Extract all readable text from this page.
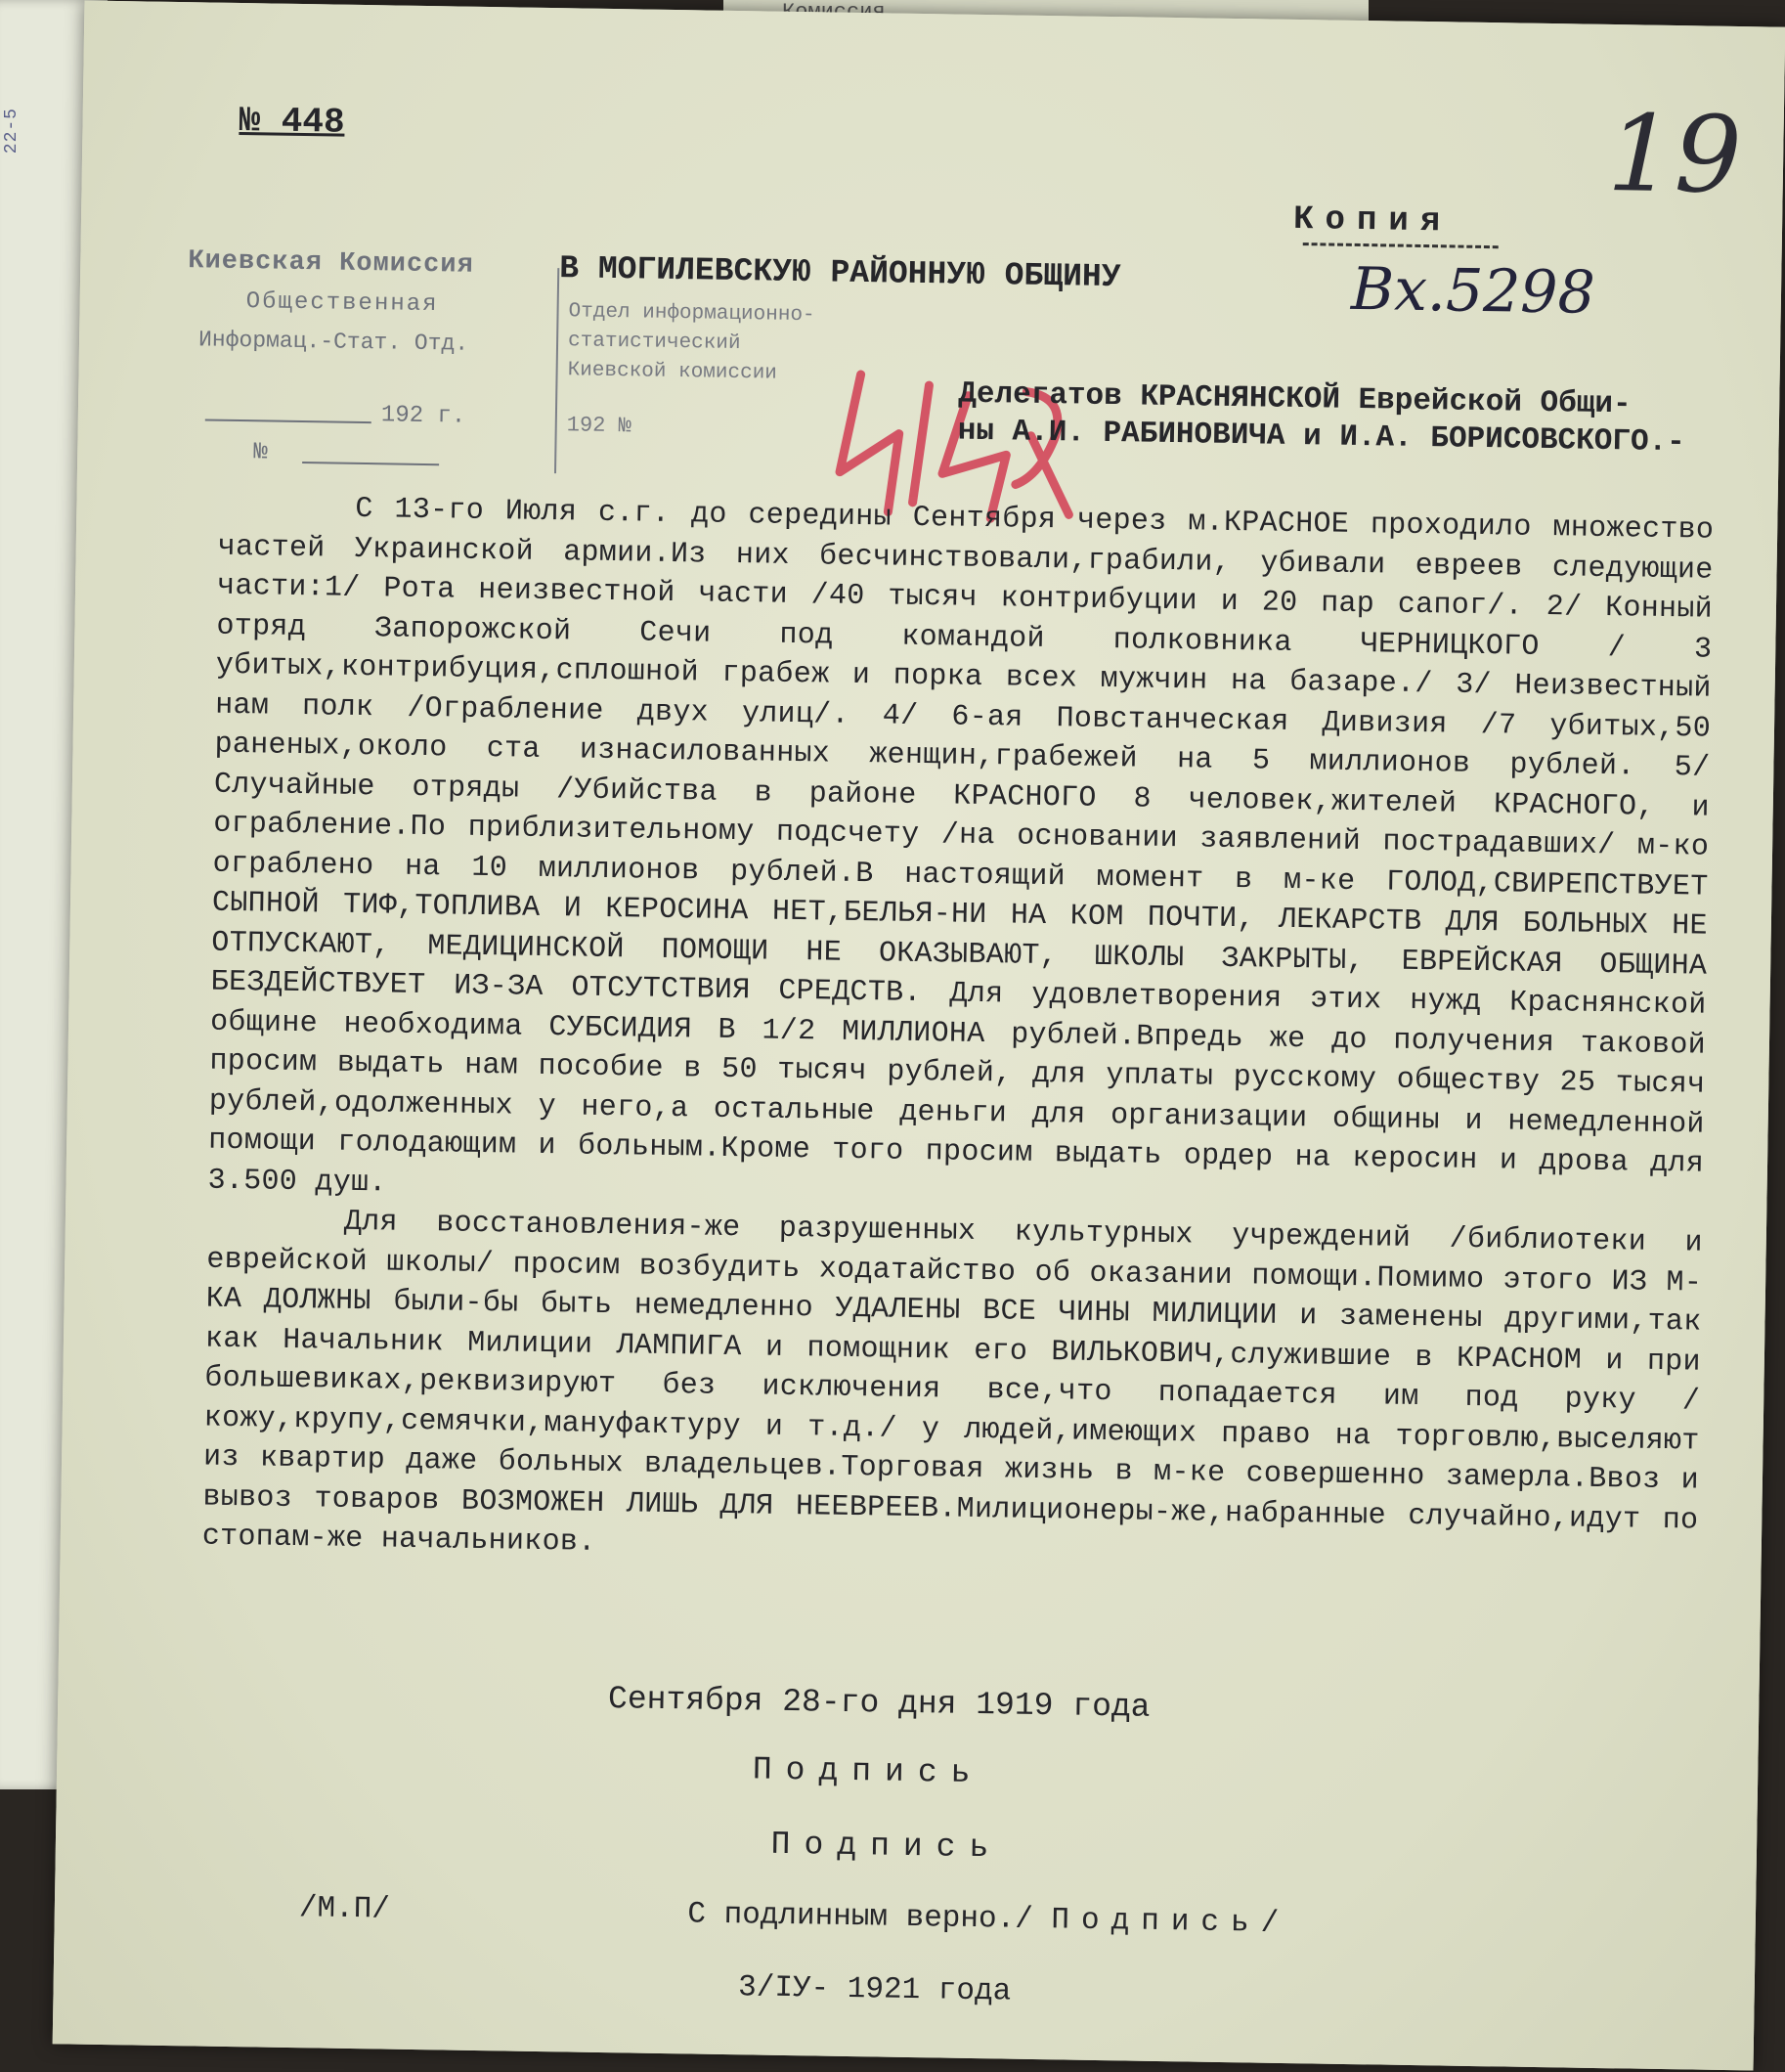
22-5	№ 448	19
Копия
Вх.5298
В МОГИЛЕВСКУЮ РАЙОННУЮ ОБЩИНУ
Киевская Комиссия
Общественная
Информац.-Стат. Отд.
192 г.
№
Отдел информационно-
статистический
Киевской комиссии
192 №
Делегатов КРАСНЯНСКОЙ Еврейской Общи-
ны А.И. РАБИНОВИЧА и И.А. БОРИСОВСКОГО.-

С 13-го Июля с.г. до середины Сентября через м.КРАСНОЕ проходило множество частей Украинской армии.Из них бесчинствовали,грабили, убивали евреев следующие части:1/ Рота неизвестной части /40 тысяч контрибуции и 20 пар сапог/. 2/ Конный отряд Запорожской Сечи под командой полковника ЧЕРНИЦКОГО / 3 убитых,контрибуция,сплошной грабеж и порка всех мужчин на базаре./ 3/ Неизвестный нам полк /Ограбление двух улиц/. 4/ 6-ая Повстанческая Дивизия /7 убитых,50 раненых,около ста изнасилованных женщин,грабежей на 5 миллионов рублей. 5/ Случайные отряды /Убийства в районе КРАСНОГО 8 человек,жителей КРАСНОГО, и ограбление.По приблизительному подсчету /на основании заявлений пострадавших/ м-ко ограблено на 10 миллионов рублей.В настоящий момент в м-ке ГОЛОД,СВИРЕПСТВУЕТ СЫПНОЙ ТИФ,ТОПЛИВА И КЕРОСИНА НЕТ,БЕЛЬЯ-НИ НА КОМ ПОЧТИ, ЛЕКАРСТВ ДЛЯ БОЛЬНЫХ НЕ ОТПУСКАЮТ, МЕДИЦИНСКОЙ ПОМОЩИ НЕ ОКАЗЫВАЮТ, ШКОЛЫ ЗАКРЫТЫ, ЕВРЕЙСКАЯ ОБЩИНА БЕЗДЕЙСТВУЕТ ИЗ-ЗА ОТСУТСТВИЯ СРЕДСТВ. Для удовлетворения этих нужд Краснянской общине необходима СУБСИДИЯ В 1/2 МИЛЛИОНА рублей.Впредь же до получения таковой просим выдать нам пособие в 50 тысяч рублей, для уплаты русскому обществу 25 тысяч рублей,одолженных у него,а остальные деньги для организации общины и немедленной помощи голодающим и больным.Кроме того просим выдать ордер на керосин и дрова для 3.500 душ.

Для восстановления-же разрушенных культурных учреждений /библиотеки и еврейской школы/ просим возбудить ходатайство об оказании помощи.Помимо этого ИЗ М-КА ДОЛЖНЫ были-бы быть немедленно УДАЛЕНЫ ВСЕ ЧИНЫ МИЛИЦИИ и заменены другими,так как Начальник Милиции ЛАМПИГА и помощник его ВИЛЬКОВИЧ,служившие в КРАСНОМ и при большевиках,реквизируют без исключения все,что попадается им под руку /кожу,крупу,семячки,мануфактуру и т.д./ у людей,имеющих право на торговлю,выселяют из квартир даже больных владельцев.Торговая жизнь в м-ке совершенно замерла.Ввоз и вывоз товаров ВОЗМОЖЕН ЛИШЬ ДЛЯ НЕЕВРЕЕВ.Милиционеры-же,набранные случайно,идут по стопам-же начальников.

Сентября 28-го дня 1919 года
Подпись
Подпись
/М.П/	С подлинным верно./ Подпись/
3/IУ- 1921 года
